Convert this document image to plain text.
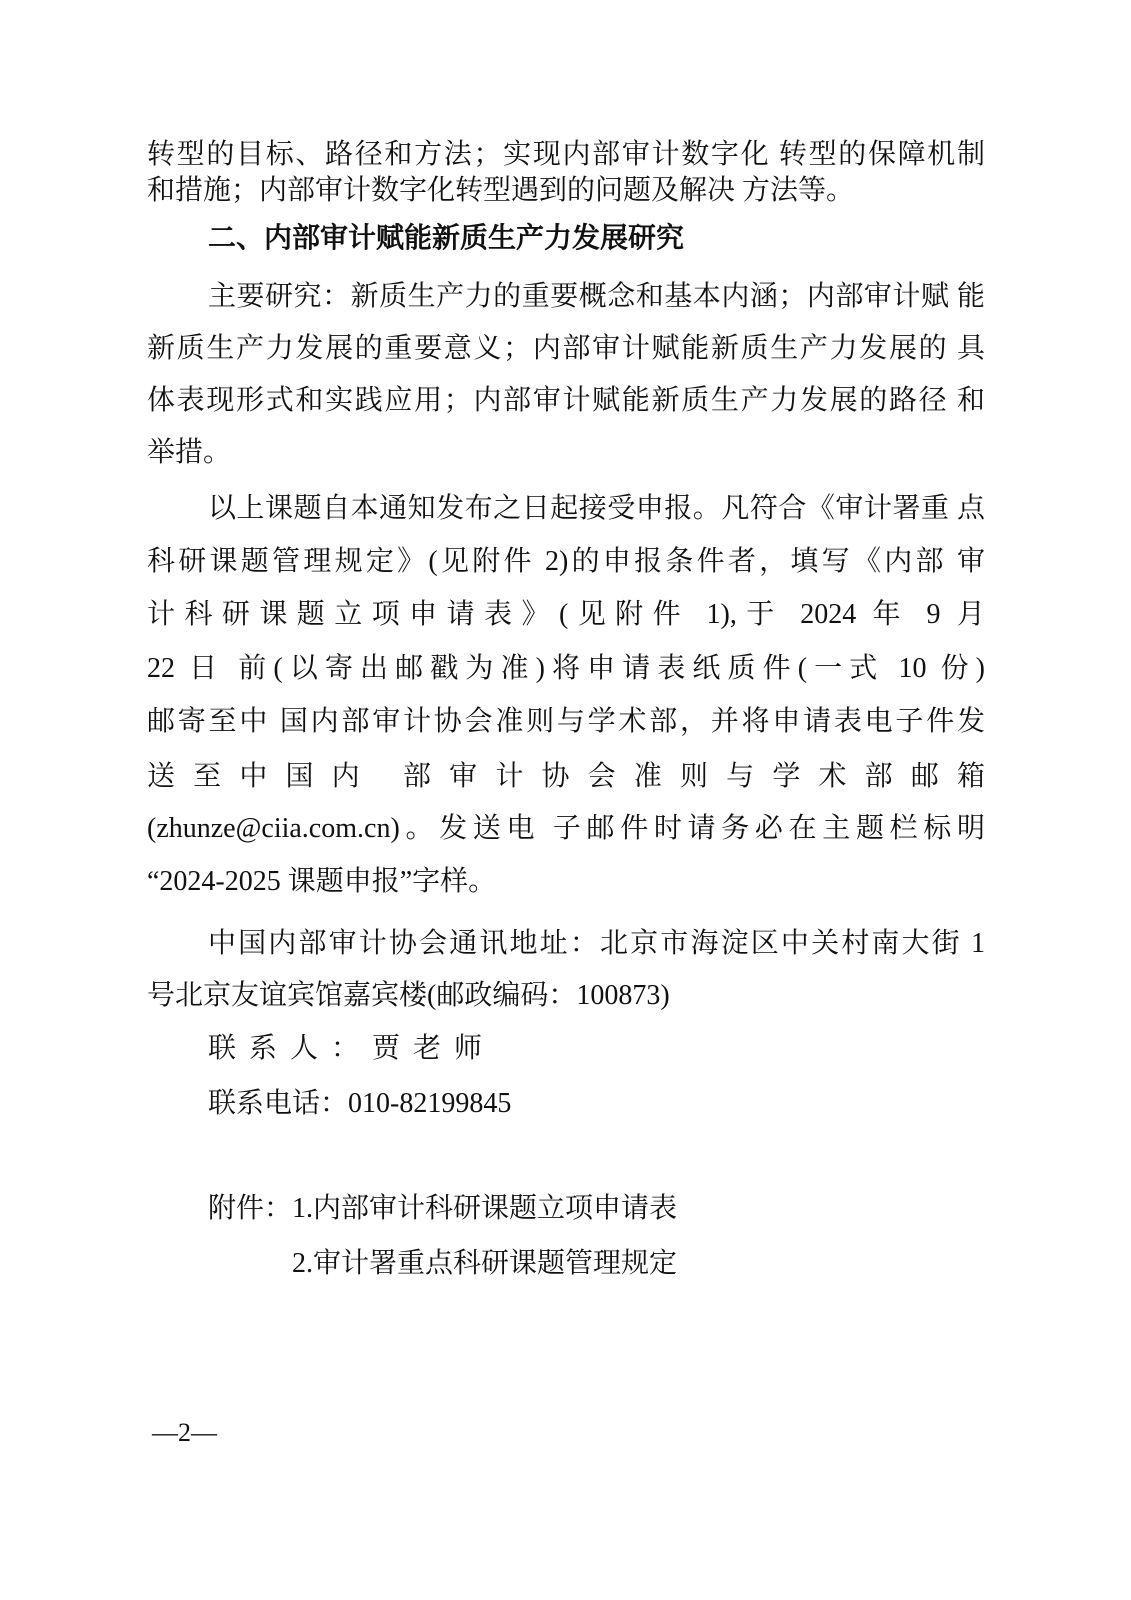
转型的目标、路径和方法；实现内部审计数字化 转型的保障机制
和措施；内部审计数字化转型遇到的问题及解决 方法等。
二、内部审计赋能新质生产力发展研究
主要研究：新质生产力的重要概念和基本内涵；内部审计赋 能
新质生产力发展的重要意义；内部审计赋能新质生产力发展的 具
体表现形式和实践应用；内部审计赋能新质生产力发展的路径 和
举措。
以上课题自本通知发布之日起接受申报。凡符合《审计署重 点
科研课题管理规定》(见附件 2)的申报条件者，填写《内部 审
计科研课题立项申请表》(见附件 1),于 2024 年 9 月
22 日 前(以寄出邮戳为准)将申请表纸质件(一式 10 份)
邮寄至中 国内部审计协会准则与学术部，并将申请表电子件发
送至中国内 部审计协会准则与学术部邮箱
(zhunze@ciia.com.cn)。发送电 子邮件时请务必在主题栏标明
“2024-2025 课题申报”字样。
中国内部审计协会通讯地址：北京市海淀区中关村南大街 1
号北京友谊宾馆嘉宾楼(邮政编码：100873)
联系人：贾老师
联系电话：010-82199845
附件：1.内部审计科研课题立项申请表
2.审计署重点科研课题管理规定
—2—
